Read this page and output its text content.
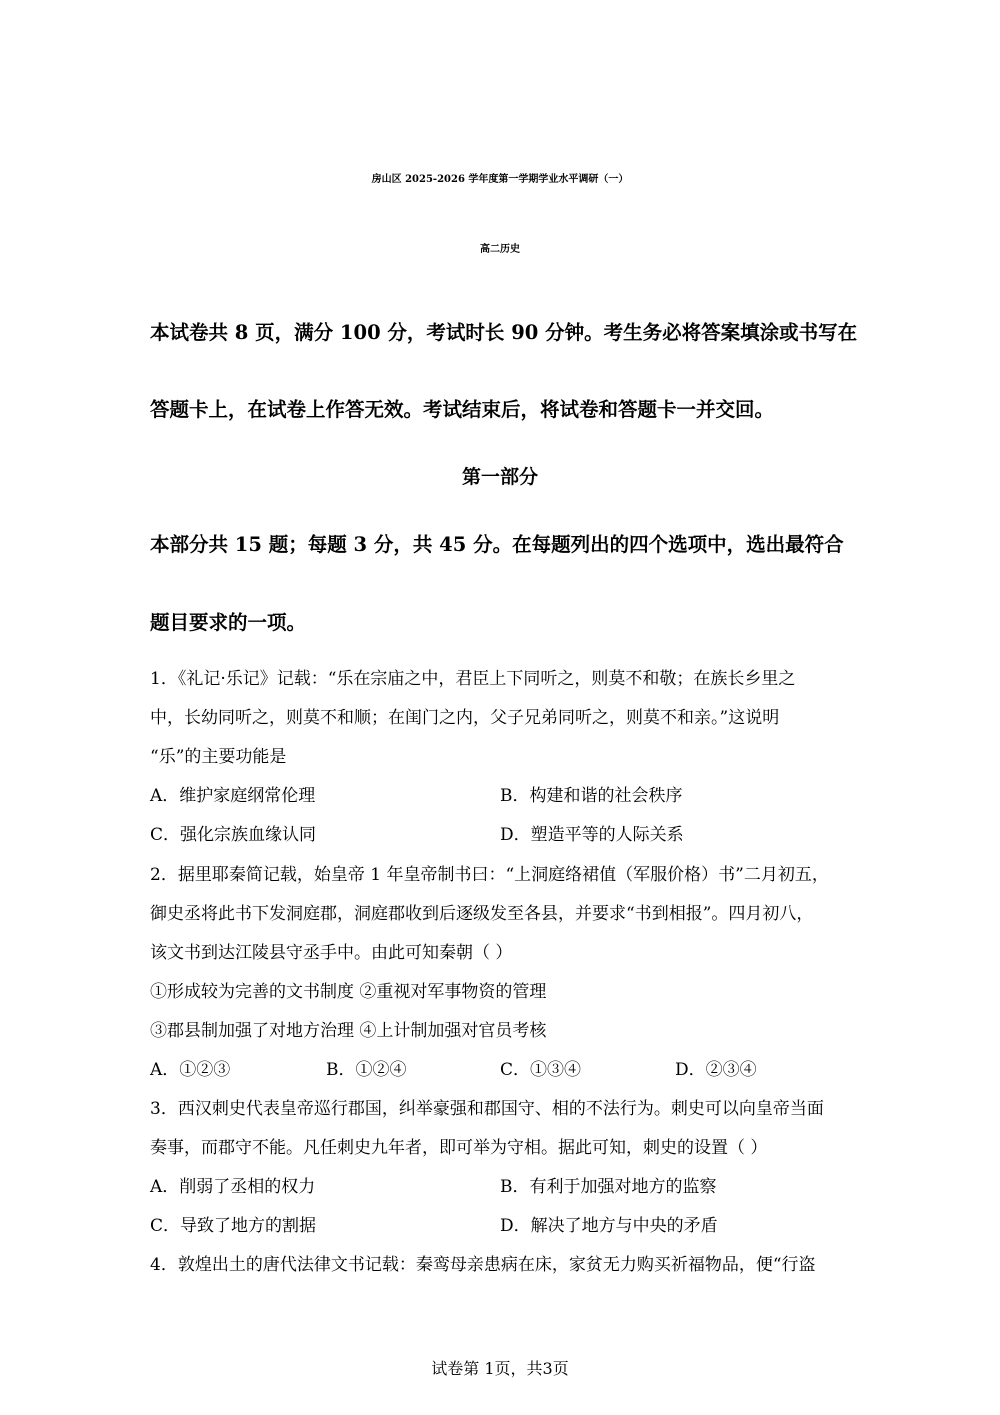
房山区 2025-2026 学年度第一学期学业水平调研（一）
高二历史
本试卷共 8 页，满分 100 分，考试时长 90 分钟。考生务必将答案填涂或书写在
答题卡上，在试卷上作答无效。考试结束后，将试卷和答题卡一并交回。
第一部分
本部分共 15 题；每题 3 分，共 45 分。在每题列出的四个选项中，选出最符合
题目要求的一项。
1．《礼记·乐记》记载：“乐在宗庙之中，君臣上下同听之，则莫不和敬；在族长乡里之
中，长幼同听之，则莫不和顺；在闺门之内，父子兄弟同听之，则莫不和亲。”这说明
“乐”的主要功能是
A．维护家庭纲常伦理	B．构建和谐的社会秩序
C．强化宗族血缘认同	D．塑造平等的人际关系
2．据里耶秦简记载，始皇帝 1 年皇帝制书曰：“上洞庭络裙值（军服价格）书”二月初五，
御史丞将此书下发洞庭郡，洞庭郡收到后逐级发至各县，并要求“书到相报”。四月初八，
该文书到达江陵县守丞手中。由此可知秦朝（ ）
①形成较为完善的文书制度 ②重视对军事物资的管理
③郡县制加强了对地方治理 ④上计制加强对官员考核
A．①②③	B．①②④	C．①③④	D．②③④
3．西汉刺史代表皇帝巡行郡国，纠举豪强和郡国守、相的不法行为。刺史可以向皇帝当面
奏事，而郡守不能。凡任刺史九年者，即可举为守相。据此可知，刺史的设置（ ）
A．削弱了丞相的权力	B．有利于加强对地方的监察
C．导致了地方的割据	D．解决了地方与中央的矛盾
4．敦煌出土的唐代法律文书记载：秦鸾母亲患病在床，家贫无力购买祈福物品，便“行盗
试卷第 1页，共3页
